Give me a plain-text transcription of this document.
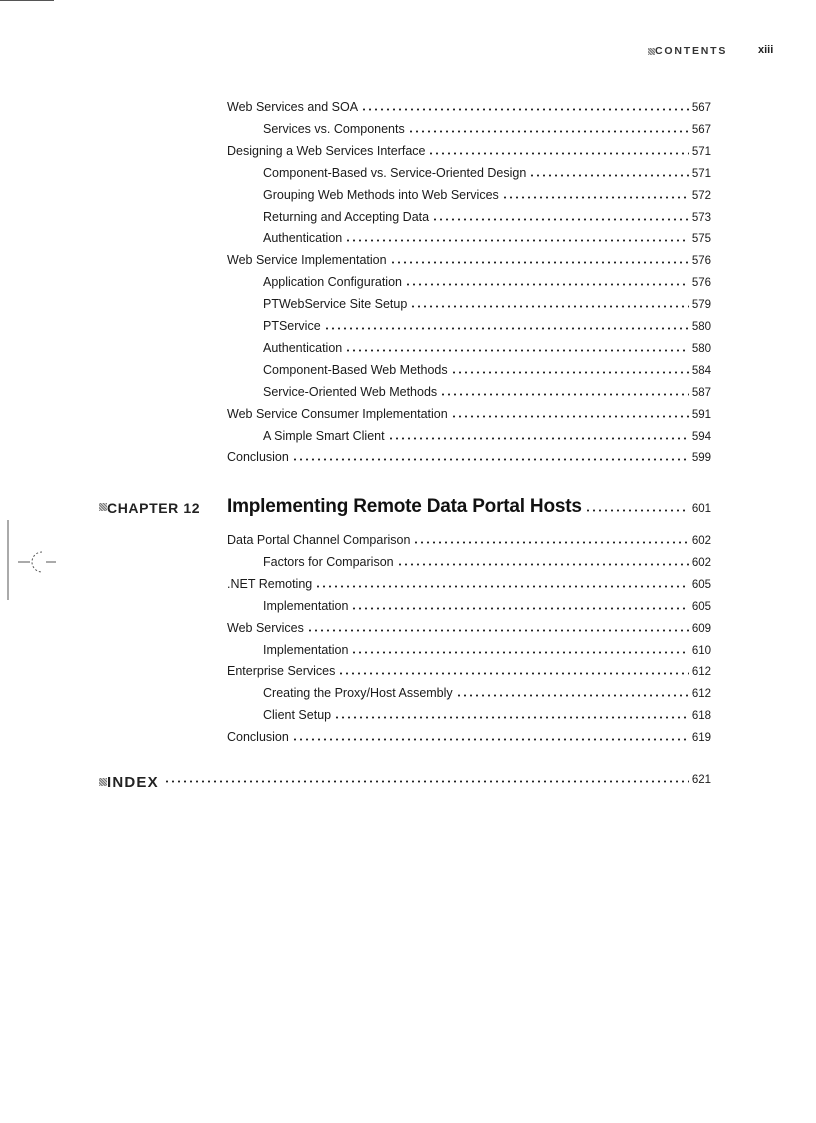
CONTENTS	xiii
Web Services and SOA	567
Services vs. Components	567
Designing a Web Services Interface	571
Component-Based vs. Service-Oriented Design	571
Grouping Web Methods into Web Services	572
Returning and Accepting Data	573
Authentication	575
Web Service Implementation	576
Application Configuration	576
PTWebService Site Setup	579
PTService	580
Authentication	580
Component-Based Web Methods	584
Service-Oriented Web Methods	587
Web Service Consumer Implementation	591
A Simple Smart Client	594
Conclusion	599
CHAPTER 12 Implementing Remote Data Portal Hosts	601
Data Portal Channel Comparison	602
Factors for Comparison	602
.NET Remoting	605
Implementation	605
Web Services	609
Implementation	610
Enterprise Services	612
Creating the Proxy/Host Assembly	612
Client Setup	618
Conclusion	619
INDEX	621
